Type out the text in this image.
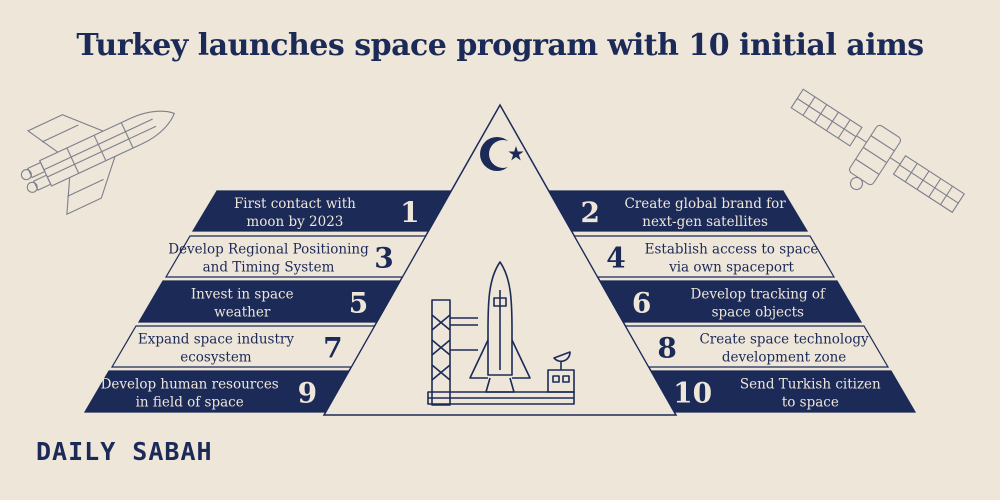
Turkey launches space program with 10 initial aims
1
First contact with
moon by 2023	2 Create global brand for
next-gen satellites
3
Develop Regional Positioning
and Timing System	4 Establish access to space
via own spaceport
5
Invest in space
weather	6	Develop tracking of
space objects
7
Expand space industry
ecosystem	8 Create space technology
development zone
9
Develop human resources
in field of space	10 Send Turkish citizen
to space
DAILY SABAH
